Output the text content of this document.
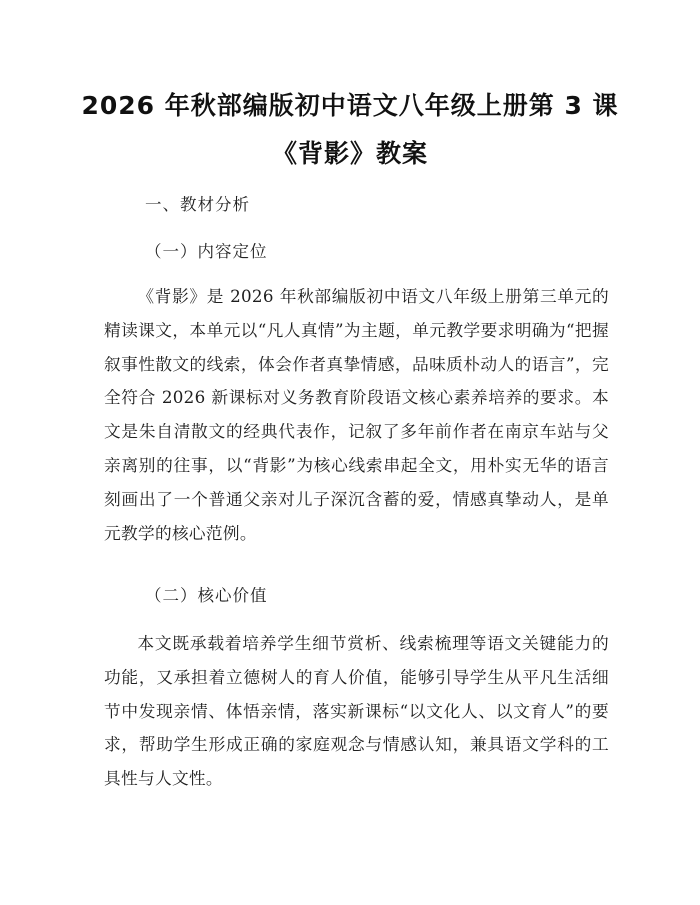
2026 年秋部编版初中语文八年级上册第 3 课
《背影》教案
一、教材分析
（一）内容定位

《背影》是 2026 年秋部编版初中语文八年级上册第三单元的精读课文，本单元以“凡人真情”为主题，单元教学要求明确为“把握叙事性散文的线索，体会作者真挚情感，品味质朴动人的语言”，完全符合 2026 新课标对义务教育阶段语文核心素养培养的要求。本文是朱自清散文的经典代表作，记叙了多年前作者在南京车站与父亲离别的往事，以“背影”为核心线索串起全文，用朴实无华的语言刻画出了一个普通父亲对儿子深沉含蓄的爱，情感真挚动人，是单元教学的核心范例。

（二）核心价值

本文既承载着培养学生细节赏析、线索梳理等语文关键能力的功能，又承担着立德树人的育人价值，能够引导学生从平凡生活细节中发现亲情、体悟亲情，落实新课标“以文化人、以文育人”的要求，帮助学生形成正确的家庭观念与情感认知，兼具语文学科的工具性与人文性。
